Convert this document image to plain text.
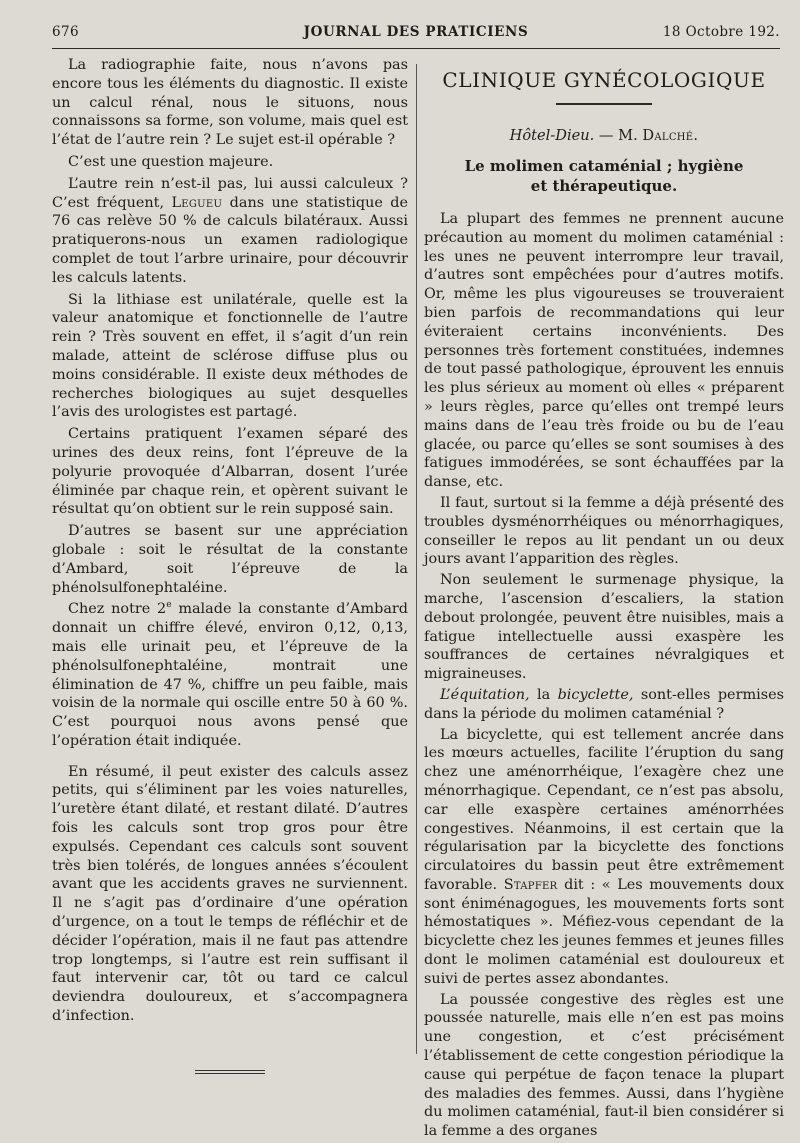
676	JOURNAL DES PRATICIENS	18 Octobre 192.

La radiographie faite, nous n’avons pas encore tous les éléments du diagnostic. Il existe un calcul rénal, nous le situons, nous connaissons sa forme, son volume, mais quel est l’état de l’autre rein ? Le sujet est-il opérable ?

C’est une question majeure.

L’autre rein n’est-il pas, lui aussi calculeux ? C’est fréquent, Legueu dans une statistique de 76 cas relève 50 % de calculs bilatéraux. Aussi pratiquerons-nous un examen radiologique complet de tout l’arbre urinaire, pour découvrir les calculs latents.

Si la lithiase est unilatérale, quelle est la valeur anatomique et fonctionnelle de l’autre rein ? Très souvent en effet, il s’agit d’un rein malade, atteint de sclérose diffuse plus ou moins considérable. Il existe deux méthodes de recherches biologiques au sujet desquelles l’avis des urologistes est partagé.

Certains pratiquent l’examen séparé des urines des deux reins, font l’épreuve de la polyurie provoquée d’Albarran, dosent l’urée éliminée par chaque rein, et opèrent suivant le résultat qu’on obtient sur le rein supposé sain.

D’autres se basent sur une appréciation globale : soit le résultat de la constante d’Ambard, soit l’épreuve de la phénolsulfonephtaléine.

Chez notre 2e malade la constante d’Ambard donnait un chiffre élevé, environ 0,12, 0,13, mais elle urinait peu, et l’épreuve de la phénolsulfonephtaléine, montrait une élimination de 47 %, chiffre un peu faible, mais voisin de la normale qui oscille entre 50 à 60 %. C’est pourquoi nous avons pensé que l’opération était indiquée.

En résumé, il peut exister des calculs assez petits, qui s’éliminent par les voies naturelles, l’uretère étant dilaté, et restant dilaté. D’autres fois les calculs sont trop gros pour être expulsés. Cependant ces calculs sont souvent très bien tolérés, de longues années s’écoulent avant que les accidents graves ne surviennent. Il ne s’agit pas d’ordinaire d’une opération d’urgence, on a tout le temps de réfléchir et de décider l’opération, mais il ne faut pas attendre trop longtemps, si l’autre est rein suffisant il faut intervenir car, tôt ou tard ce calcul deviendra douloureux, et s’accompagnera d’infection.

CLINIQUE GYNÉCOLOGIQUE
Hôtel-Dieu. — M. Dalché.
Le molimen cataménial ; hygiène
et thérapeutique.

La plupart des femmes ne prennent aucune précaution au moment du molimen cataménial : les unes ne peuvent interrompre leur travail, d’autres sont empêchées pour d’autres motifs. Or, même les plus vigoureuses se trouveraient bien parfois de recommandations qui leur éviteraient certains inconvénients. Des personnes très fortement constituées, indemnes de tout passé pathologique, éprouvent les ennuis les plus sérieux au moment où elles « préparent » leurs règles, parce qu’elles ont trempé leurs mains dans de l’eau très froide ou bu de l’eau glacée, ou parce qu’elles se sont soumises à des fatigues immodérées, se sont échauffées par la danse, etc.

Il faut, surtout si la femme a déjà présenté des troubles dysménorrhéiques ou ménorrhagiques, conseiller le repos au lit pendant un ou deux jours avant l’apparition des règles.

Non seulement le surmenage physique, la marche, l’ascension d’escaliers, la station debout prolongée, peuvent être nuisibles, mais a fatigue intellectuelle aussi exaspère les souffrances de certaines névralgiques et migraineuses.

L’équitation, la bicyclette, sont-elles permises dans la période du molimen cataménial ?

La bicyclette, qui est tellement ancrée dans les mœurs actuelles, facilite l’éruption du sang chez une aménorrhéique, l’exagère chez une ménorrhagique. Cependant, ce n’est pas absolu, car elle exaspère certaines aménorrhées congestives. Néanmoins, il est certain que la régularisation par la bicyclette des fonctions circulatoires du bassin peut être extrêmement favorable. Stapfer dit : « Les mouvements doux sont éniménagogues, les mouvements forts sont hémostatiques ». Méfiez-vous cependant de la bicyclette chez les jeunes femmes et jeunes filles dont le molimen cataménial est douloureux et suivi de pertes assez abondantes.

La poussée congestive des règles est une poussée naturelle, mais elle n’en est pas moins une congestion, et c’est précisément l’établissement de cette congestion périodique la cause qui perpétue de façon tenace la plupart des maladies des femmes. Aussi, dans l’hygiène du molimen cataménial, faut-il bien considérer si la femme a des organes
